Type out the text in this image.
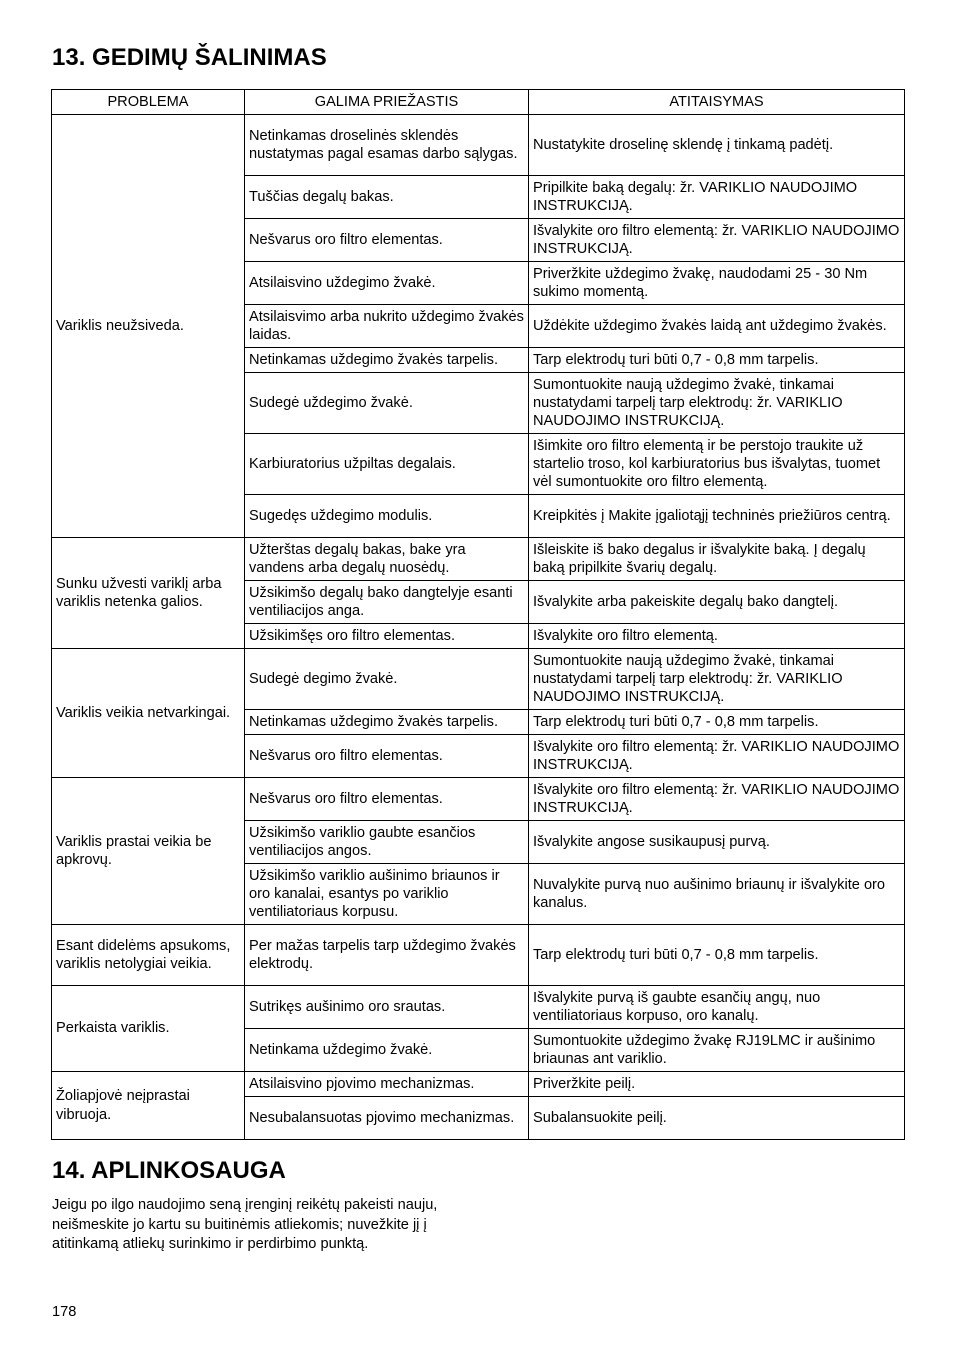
13. GEDIMŲ ŠALINIMAS
PROBLEMA	GALIMA PRIEŽASTIS	ATITAISYMAS
Variklis neužsiveda.	Netinkamas droselinės sklendės nustatymas pagal esamas darbo sąlygas.	Nustatykite droselinę sklendę į tinkamą padėtį.
	Tuščias degalų bakas.	Pripilkite baką degalų: žr. VARIKLIO NAUDOJIMO INSTRUKCIJĄ.
	Nešvarus oro filtro elementas.	Išvalykite oro filtro elementą: žr. VARIKLIO NAUDOJIMO INSTRUKCIJĄ.
	Atsilaisvino uždegimo žvakė.	Priveržkite uždegimo žvakę, naudodami 25 - 30 Nm sukimo momentą.
	Atsilaisvimo arba nukrito uždegimo žvakės laidas.	Uždėkite uždegimo žvakės laidą ant uždegimo žvakės.
	Netinkamas uždegimo žvakės tarpelis.	Tarp elektrodų turi būti 0,7 - 0,8 mm tarpelis.
	Sudegė uždegimo žvakė.	Sumontuokite naują uždegimo žvakė, tinkamai nustatydami tarpelį tarp elektrodų: žr. VARIKLIO NAUDOJIMO INSTRUKCIJĄ.
	Karbiuratorius užpiltas degalais.	Išimkite oro filtro elementą ir be perstojo traukite už startelio troso, kol karbiuratorius bus išvalytas, tuomet vėl sumontuokite oro filtro elementą.
	Sugedęs uždegimo modulis.	Kreipkitės į Makite įgaliotąjį techninės priežiūros centrą.
Sunku užvesti variklį arba variklis netenka galios.	Užterštas degalų bakas, bake yra vandens arba degalų nuosėdų.	Išleiskite iš bako degalus ir išvalykite baką. Į degalų baką pripilkite švarių degalų.
	Užsikimšo degalų bako dangtelyje esanti ventiliacijos anga.	Išvalykite arba pakeiskite degalų bako dangtelį.
	Užsikimšęs oro filtro elementas.	Išvalykite oro filtro elementą.
Variklis veikia netvarkingai.	Sudegė degimo žvakė.	Sumontuokite naują uždegimo žvakė, tinkamai nustatydami tarpelį tarp elektrodų: žr. VARIKLIO NAUDOJIMO INSTRUKCIJĄ.
	Netinkamas uždegimo žvakės tarpelis.	Tarp elektrodų turi būti 0,7 - 0,8 mm tarpelis.
	Nešvarus oro filtro elementas.	Išvalykite oro filtro elementą: žr. VARIKLIO NAUDOJIMO INSTRUKCIJĄ.
Variklis prastai veikia be apkrovų.	Nešvarus oro filtro elementas.	Išvalykite oro filtro elementą: žr. VARIKLIO NAUDOJIMO INSTRUKCIJĄ.
	Užsikimšo variklio gaubte esančios ventiliacijos angos.	Išvalykite angose susikaupusį purvą.
	Užsikimšo variklio aušinimo briaunos ir oro kanalai, esantys po variklio ventiliatoriaus korpusu.	Nuvalykite purvą nuo aušinimo briaunų ir išvalykite oro kanalus.
Esant didelėms apsukoms, variklis netolygiai veikia.	Per mažas tarpelis tarp uždegimo žvakės elektrodų.	Tarp elektrodų turi būti 0,7 - 0,8 mm tarpelis.
Perkaista variklis.	Sutrikęs aušinimo oro srautas.	Išvalykite purvą iš gaubte esančių angų, nuo ventiliatoriaus korpuso, oro kanalų.
	Netinkama uždegimo žvakė.	Sumontuokite uždegimo žvakę RJ19LMC ir aušinimo briaunas ant variklio.
Žoliapjovė neįprastai vibruoja.	Atsilaisvino pjovimo mechanizmas.	Priveržkite peilį.
	Nesubalansuotas pjovimo mechanizmas.	Subalansuokite peilį.
14. APLINKOSAUGA

Jeigu po ilgo naudojimo seną įrenginį reikėtų pakeisti nauju, neišmeskite jo kartu su buitinėmis atliekomis; nuvežkite jį į atitinkamą atliekų surinkimo ir perdirbimo punktą.

178
